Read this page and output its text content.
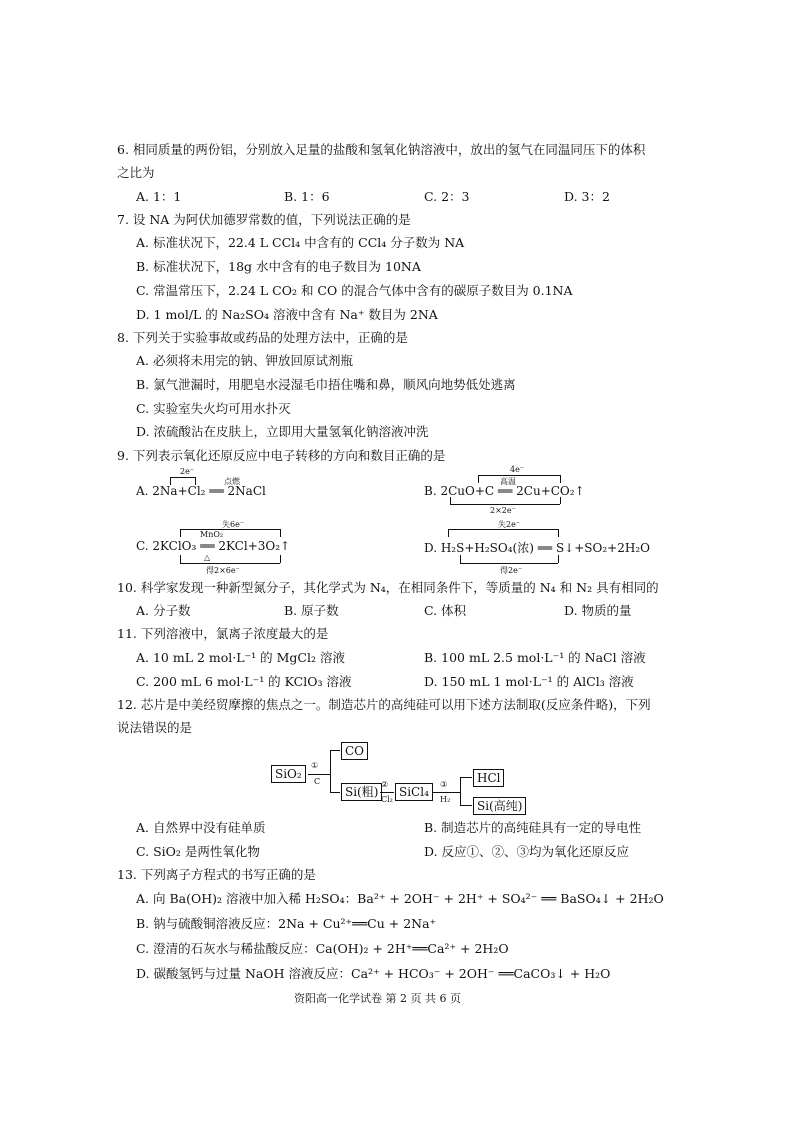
6. 相同质量的两份铝，分别放入足量的盐酸和氢氧化钠溶液中，放出的氢气在同温同压下的体积
之比为
A. 1：1	B. 1：6	C. 2：3	D. 3：2
7. 设 NA 为阿伏加德罗常数的值，下列说法正确的是
A. 标准状况下，22.4 L CCl₄ 中含有的 CCl₄ 分子数为 NA
B. 标准状况下，18g 水中含有的电子数目为 10NA
C. 常温常压下，2.24 L CO₂ 和 CO 的混合气体中含有的碳原子数目为 0.1NA
D. 1 mol/L 的 Na₂SO₄ 溶液中含有 Na⁺ 数目为 2NA
8. 下列关于实验事故或药品的处理方法中，正确的是
A. 必须将未用完的钠、钾放回原试剂瓶
B. 氯气泄漏时，用肥皂水浸湿毛巾捂住嘴和鼻，顺风向地势低处逃离
C. 实验室失火均可用水扑灭
D. 浓硫酸沾在皮肤上，立即用大量氢氧化钠溶液冲洗
9. 下列表示氧化还原反应中电子转移的方向和数目正确的是
2e⁻
点燃
A. 2Na+Cl₂ ══ 2NaCl
4e⁻
高温
B. 2CuO+C ══ 2Cu+CO₂↑
2×2e⁻
失6e⁻
MnO₂
C. 2KClO₃ ══ 2KCl+3O₂↑
△
得2×6e⁻
失2e⁻
D. H₂S+H₂SO₄(浓) ══ S↓+SO₂+2H₂O
得2e⁻
10. 科学家发现一种新型氮分子，其化学式为 N₄，在相同条件下，等质量的 N₄ 和 N₂ 具有相同的
A. 分子数	B. 原子数	C. 体积	D. 物质的量
11. 下列溶液中，氯离子浓度最大的是
A. 10 mL 2 mol·L⁻¹ 的 MgCl₂ 溶液	B. 100 mL 2.5 mol·L⁻¹ 的 NaCl 溶液
C. 200 mL 6 mol·L⁻¹ 的 KClO₃ 溶液	D. 150 mL 1 mol·L⁻¹ 的 AlCl₃ 溶液
12. 芯片是中美经贸摩擦的焦点之一。制造芯片的高纯硅可以用下述方法制取(反应条件略)，下列
说法错误的是
SiO₂
①
C
CO
Si(粗)
②
Cl₂
SiCl₄
③
H₂
HCl
Si(高纯)
A. 自然界中没有硅单质	B. 制造芯片的高纯硅具有一定的导电性
C. SiO₂ 是两性氧化物	D. 反应①、②、③均为氧化还原反应
13. 下列离子方程式的书写正确的是
A. 向 Ba(OH)₂ 溶液中加入稀 H₂SO₄：Ba²⁺ + 2OH⁻ + 2H⁺ + SO₄²⁻ ══ BaSO₄↓ + 2H₂O
B. 钠与硫酸铜溶液反应：2Na + Cu²⁺══Cu + 2Na⁺
C. 澄清的石灰水与稀盐酸反应：Ca(OH)₂ + 2H⁺══Ca²⁺ + 2H₂O
D. 碳酸氢钙与过量 NaOH 溶液反应：Ca²⁺ + HCO₃⁻ + 2OH⁻ ══CaCO₃↓ + H₂O
资阳高一化学试卷 第 2 页 共 6 页
